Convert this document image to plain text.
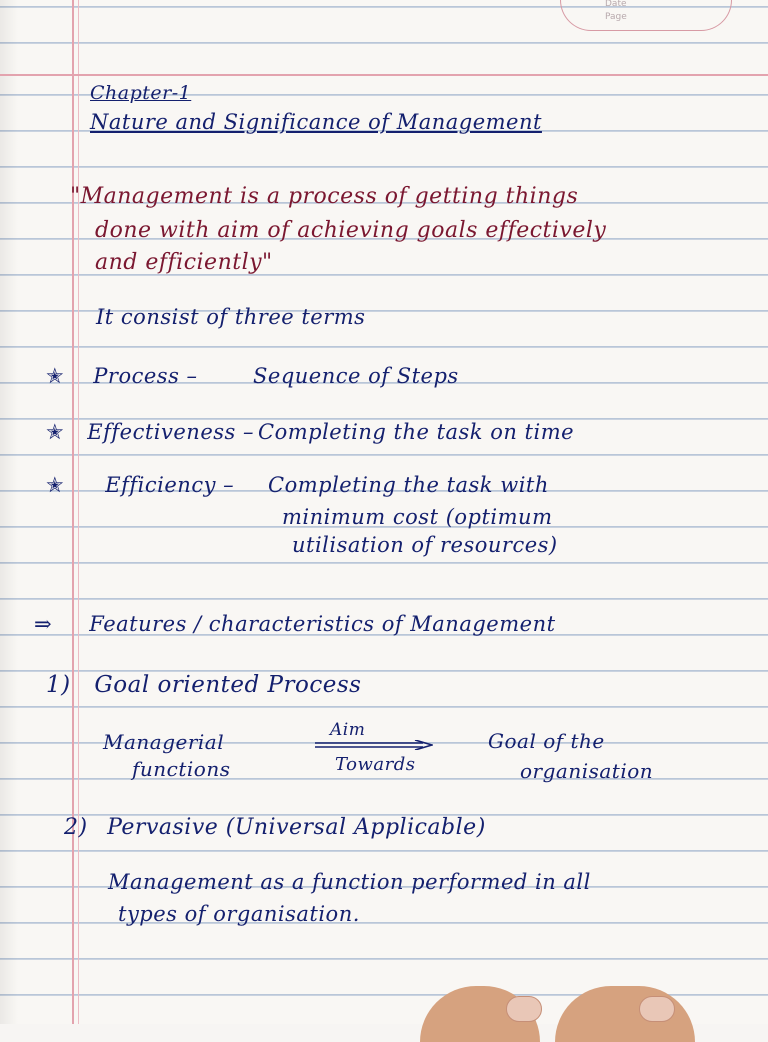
Date
Page
Chapter-1
Nature and Significance of Management
"Management is a process of getting things
done with aim of achieving goals effectively
and efficiently"
It consist of three terms
✭ Process –	Sequence of Steps
✭ Effectiveness – Completing the task on time
✭ Efficiency – Completing the task with
minimum cost (optimum
utilisation of resources)
⇒ Features / characteristics of Management
1) Goal oriented Process
Managerial
functions
Aim
Towards
Goal of the
organisation
2) Pervasive (Universal Applicable)
Management as a function performed in all
types of organisation.
